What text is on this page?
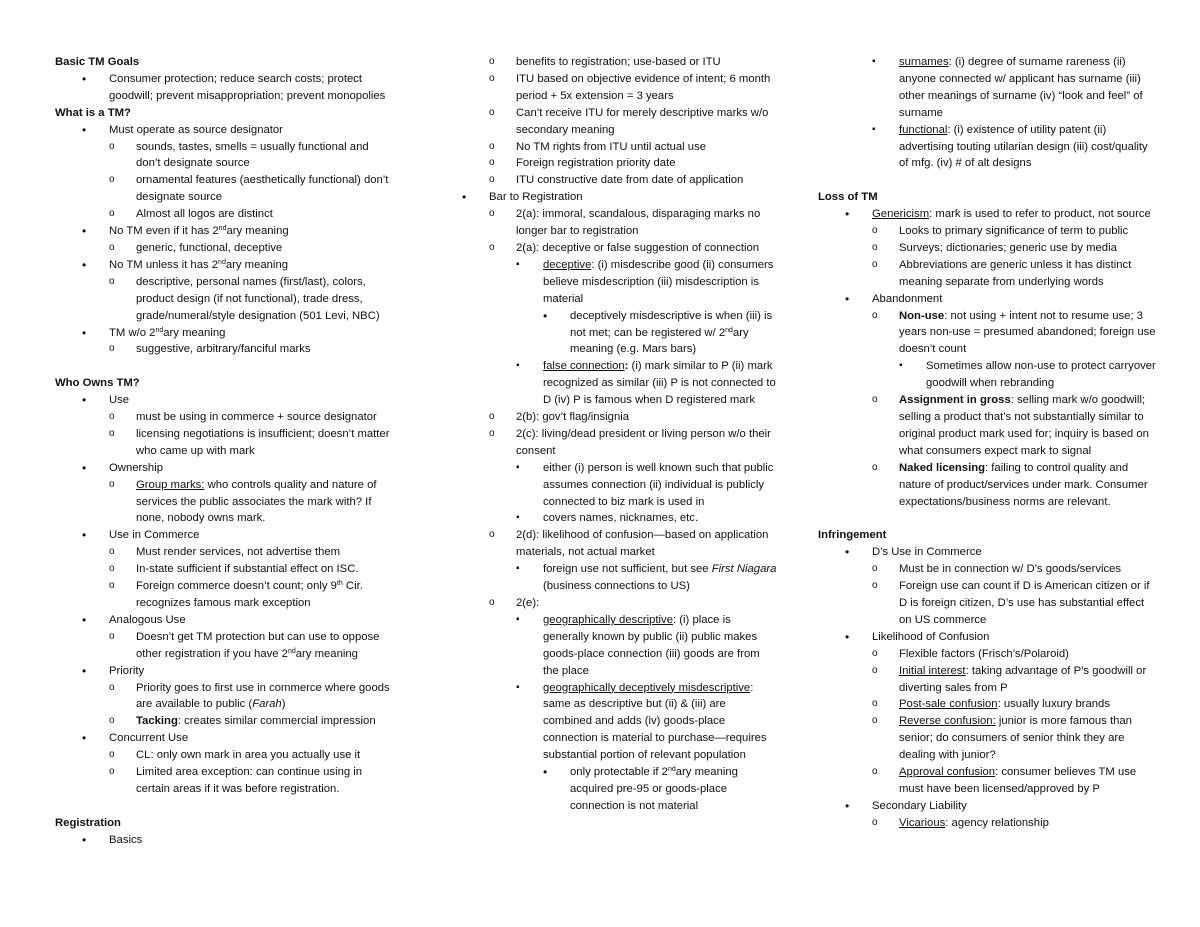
Basic TM Goals
•
Consumer protection; reduce search costs; protect goodwill; prevent misappropriation; prevent monopolies
What is a TM?
•
Must operate as source designator
o
sounds, tastes, smells = usually functional and don’t designate source
o
ornamental features (aesthetically functional) don’t designate source
o
Almost all logos are distinct
•
No TM even if it has 2ndary meaning
o
generic, functional, deceptive
•
No TM unless it has 2ndary meaning
o
descriptive, personal names (first/last), colors, product design (if not functional), trade dress, grade/numeral/style designation (501 Levi, NBC)
•
TM w/o 2ndary meaning
o
suggestive, arbitrary/fanciful marks
Who Owns TM?
•
Use
o
must be using in commerce + source designator
o
licensing negotiations is insufficient; doesn’t matter who came up with mark
•
Ownership
o
Group marks: who controls quality and nature of services the public associates the mark with? If none, nobody owns mark.
•
Use in Commerce
o
Must render services, not advertise them
o
In-state sufficient if substantial effect on ISC.
o
Foreign commerce doesn’t count; only 9th Cir. recognizes famous mark exception
•
Analogous Use
o
Doesn’t get TM protection but can use to oppose other registration if you have 2ndary meaning
•
Priority
o
Priority goes to first use in commerce where goods are available to public (Farah)
o
Tacking: creates similar commercial impression
•
Concurrent Use
o
CL: only own mark in area you actually use it
o
Limited area exception: can continue using in certain areas if it was before registration.
Registration
•
Basics
o
benefits to registration; use-based or ITU
o
ITU based on objective evidence of intent; 6 month period + 5x extension = 3 years
o
Can’t receive ITU for merely descriptive marks w/o secondary meaning
o
No TM rights from ITU until actual use
o
Foreign registration priority date
o
ITU constructive date from date of application
•
Bar to Registration
o
2(a): immoral, scandalous, disparaging marks no longer bar to registration
o
2(a): deceptive or false suggestion of connection
▪
deceptive: (i) misdescribe good (ii) consumers believe misdescription (iii) misdescription is material
•
deceptively misdescriptive is when (iii) is not met; can be registered w/ 2ndary meaning (e.g. Mars bars)
▪
false connection: (i) mark similar to P (ii) mark recognized as similar (iii) P is not connected to D (iv) P is famous when D registered mark
o
2(b): gov’t flag/insignia
o
2(c): living/dead president or living person w/o their consent
▪
either (i) person is well known such that public assumes connection (ii) individual is publicly connected to biz mark is used in
▪
covers names, nicknames, etc.
o
2(d): likelihood of confusion—based on application materials, not actual market
▪
foreign use not sufficient, but see First Niagara (business connections to US)
o
2(e):
▪
geographically descriptive: (i) place is generally known by public (ii) public makes goods-place connection (iii) goods are from the place
▪
geographically deceptively misdescriptive: same as descriptive but (ii) & (iii) are combined and adds (iv) goods-place connection is material to purchase—requires substantial portion of relevant population
•
only protectable if 2ndary meaning acquired pre-95 or goods-place connection is not material
▪
surnames: (i) degree of surname rareness (ii) anyone connected w/ applicant has surname (iii) other meanings of surname (iv) “look and feel” of surname
▪
functional: (i) existence of utility patent (ii) advertising touting utilarian design (iii) cost/quality of mfg. (iv) # of alt designs
Loss of TM
•
Genericism: mark is used to refer to product, not source
o
Looks to primary significance of term to public
o
Surveys; dictionaries; generic use by media
o
Abbreviations are generic unless it has distinct meaning separate from underlying words
•
Abandonment
o
Non-use: not using + intent not to resume use; 3 years non-use = presumed abandoned; foreign use doesn’t count
▪
Sometimes allow non-use to protect carryover goodwill when rebranding
o
Assignment in gross: selling mark w/o goodwill; selling a product that’s not substantially similar to original product mark used for; inquiry is based on what consumers expect mark to signal
o
Naked licensing: failing to control quality and nature of product/services under mark. Consumer expectations/business norms are relevant.
Infringement
•
D’s Use in Commerce
o
Must be in connection w/ D’s goods/services
o
Foreign use can count if D is American citizen or if D is foreign citizen, D’s use has substantial effect on US commerce
•
Likelihood of Confusion
o
Flexible factors (Frisch’s/Polaroid)
o
Initial interest: taking advantage of P’s goodwill or diverting sales from P
o
Post-sale confusion: usually luxury brands
o
Reverse confusion: junior is more famous than senior; do consumers of senior think they are dealing with junior?
o
Approval confusion: consumer believes TM use must have been licensed/approved by P
•
Secondary Liability
o
Vicarious: agency relationship
